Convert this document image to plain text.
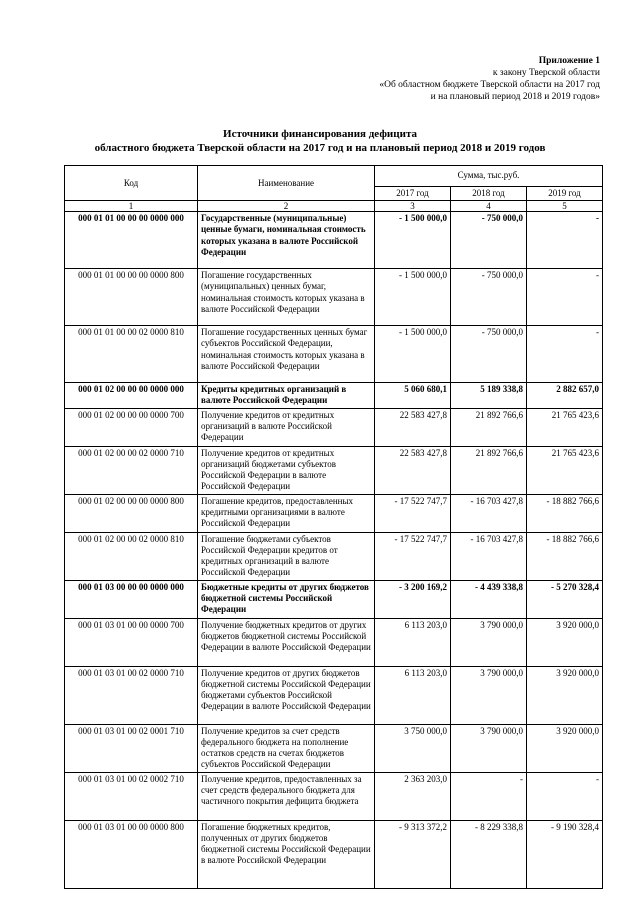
Приложение 1
к закону Тверской области
«Об областном бюджете Тверской области на 2017 год
и на плановый период 2018 и 2019 годов»
Источники финансирования дефицита
областного бюджета Тверской области на 2017 год и на плановый период 2018 и 2019 годов
Код	Наименование	Сумма, тыс.руб.		
		2017 год	2018 год	2019 год
1	2	3	4	5
000 01 01 00 00 00 0000 000	Государственные (муниципальные) ценные бумаги, номинальная стоимость которых указана в валюте Российской Федерации	- 1 500 000,0	- 750 000,0	-
000 01 01 00 00 00 0000 800	Погашение государственных (муниципальных) ценных бумаг, номинальная стоимость которых указана в валюте Российской Федерации	- 1 500 000,0	- 750 000,0	-
000 01 01 00 00 02 0000 810	Погашение государственных ценных бумаг субъектов Российской Федерации, номинальная стоимость которых указана в валюте Российской Федерации	- 1 500 000,0	- 750 000,0	-
000 01 02 00 00 00 0000 000	Кредиты кредитных организаций в валюте Российской Федерации	5 060 680,1	5 189 338,8	2 882 657,0
000 01 02 00 00 00 0000 700	Получение кредитов от кредитных организаций в валюте Российской Федерации	22 583 427,8	21 892 766,6	21 765 423,6
000 01 02 00 00 02 0000 710	Получение кредитов от кредитных организаций бюджетами субъектов Российской Федерации в валюте Российской Федерации	22 583 427,8	21 892 766,6	21 765 423,6
000 01 02 00 00 00 0000 800	Погашение кредитов, предоставленных кредитными организациями в валюте Российской Федерации	- 17 522 747,7	- 16 703 427,8	- 18 882 766,6
000 01 02 00 00 02 0000 810	Погашение бюджетами субъектов Российской Федерации кредитов от кредитных организаций в валюте Российской Федерации	- 17 522 747,7	- 16 703 427,8	- 18 882 766,6
000 01 03 00 00 00 0000 000	Бюджетные кредиты от других бюджетов бюджетной системы Российской Федерации	- 3 200 169,2	- 4 439 338,8	- 5 270 328,4
000 01 03 01 00 00 0000 700	Получение бюджетных кредитов от других бюджетов бюджетной системы Российской Федерации в валюте Российской Федерации	6 113 203,0	3 790 000,0	3 920 000,0
000 01 03 01 00 02 0000 710	Получение кредитов от других бюджетов бюджетной системы Российской Федерации бюджетами субъектов Российской Федерации в валюте Российской Федерации	6 113 203,0	3 790 000,0	3 920 000,0
000 01 03 01 00 02 0001 710	Получение кредитов за счет средств федерального бюджета на пополнение остатков средств на счетах бюджетов субъектов Российской Федерации	3 750 000,0	3 790 000,0	3 920 000,0
000 01 03 01 00 02 0002 710	Получение кредитов, предоставленных за счет средств федерального бюджета для частичного покрытия дефицита бюджета	2 363 203,0	-	-
000 01 03 01 00 00 0000 800	Погашение бюджетных кредитов, полученных от других бюджетов бюджетной системы Российской Федерации в валюте Российской Федерации	- 9 313 372,2	- 8 229 338,8	- 9 190 328,4
